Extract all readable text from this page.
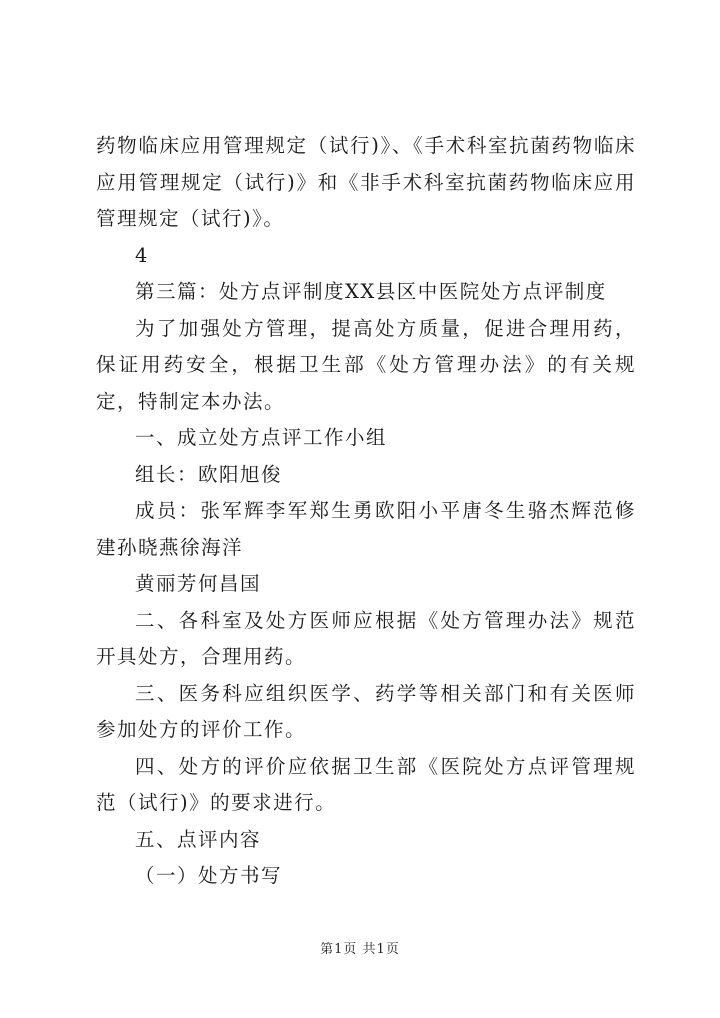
药物临床应用管理规定（试行)》、《手术科室抗菌药物临床应用管理规定（试行)》和《非手术科室抗菌药物临床应用管理规定（试行)》。

4

第三篇：处方点评制度XX县区中医院处方点评制度

为了加强处方管理，提高处方质量，促进合理用药，保证用药安全，根据卫生部《处方管理办法》的有关规定，特制定本办法。

一、成立处方点评工作小组

组长：欧阳旭俊

成员：张军辉李军郑生勇欧阳小平唐冬生骆杰辉范修建孙晓燕徐海洋

黄丽芳何昌国

二、各科室及处方医师应根据《处方管理办法》规范开具处方，合理用药。

三、医务科应组织医学、药学等相关部门和有关医师参加处方的评价工作。

四、处方的评价应依据卫生部《医院处方点评管理规范（试行)》的要求进行。

五、点评内容

（一）处方书写

第1页 共1页
